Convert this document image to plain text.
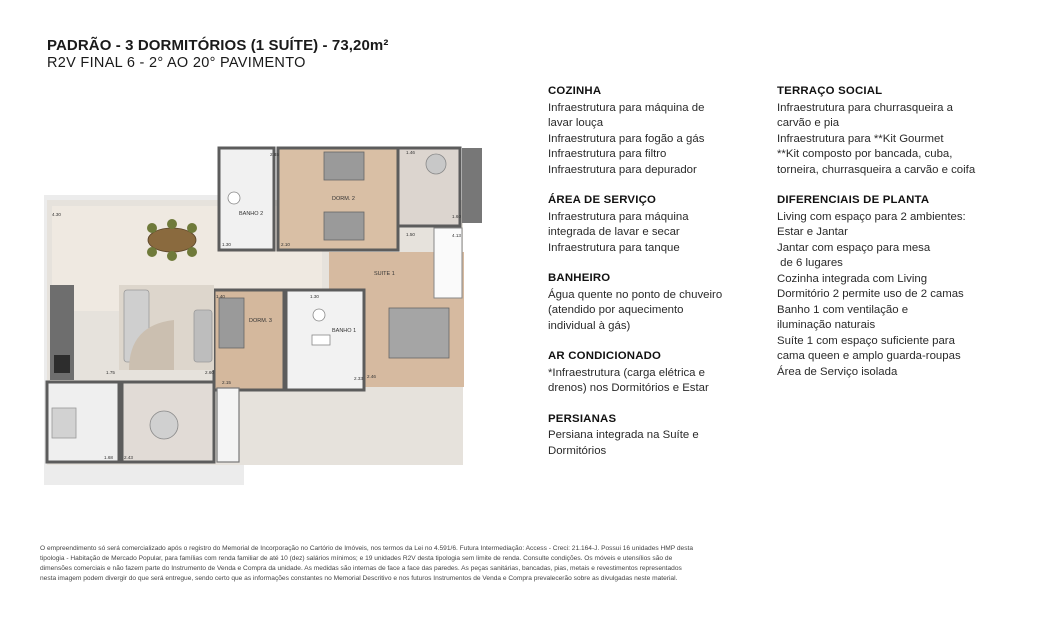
PADRÃO - 3 DORMITÓRIOS (1 SUÍTE) - 73,20m²
R2V FINAL 6 - 2° AO 20° PAVIMENTO
BANHO 2
DORM. 2
SUITE 1
DORM. 3
BANHO 1
1.46
2.85
4.30	1.60
1.30	2.10
1.50	4.13
1.75	2.60
2.15
1.68 2.43
2.33 2.46
1.30
1.40
COZINHA
Infraestrutura para máquina de
lavar louça
Infraestrutura para fogão a gás
Infraestrutura para filtro
Infraestrutura para depurador
ÁREA DE SERVIÇO
Infraestrutura para máquina
integrada de lavar e secar
Infraestrutura para tanque
BANHEIRO
Água quente no ponto de chuveiro
(atendido por aquecimento
individual à gás)
AR CONDICIONADO
*Infraestrutura (carga elétrica e
drenos) nos Dormitórios e Estar
PERSIANAS
Persiana integrada na Suíte e
Dormitórios
TERRAÇO SOCIAL
Infraestrutura para churrasqueira a
carvão e pia
Infraestrutura para **Kit Gourmet
**Kit composto por bancada, cuba,
torneira, churrasqueira a carvão e coifa
DIFERENCIAIS DE PLANTA
Living com espaço para 2 ambientes:
Estar e Jantar
Jantar com espaço para mesa
de 6 lugares
Cozinha integrada com Living
Dormitório 2 permite uso de 2 camas
Banho 1 com ventilação e
iluminação naturais
Suíte 1 com espaço suficiente para
cama queen e amplo guarda-roupas
Área de Serviço isolada
O empreendimento só será comercializado após o registro do Memorial de Incorporação no Cartório de Imóveis, nos termos da Lei no 4.591/6. Futura Intermediação: Access - Creci: 21.164-J. Possui 16 unidades HMP desta
tipologia - Habitação de Mercado Popular, para famílias com renda familiar de até 10 (dez) salários mínimos; e 19 unidades R2V desta tipologia sem limite de renda. Consulte condições. Os móveis e utensílios são de
dimensões comerciais e não fazem parte do Instrumento de Venda e Compra da unidade. As medidas são internas de face a face das paredes. As peças sanitárias, bancadas, pias, metais e revestimentos representados
nesta imagem podem divergir do que será entregue, sendo certo que as informações constantes no Memorial Descritivo e nos futuros Instrumentos de Venda e Compra prevalecerão sobre as divulgadas neste material.
